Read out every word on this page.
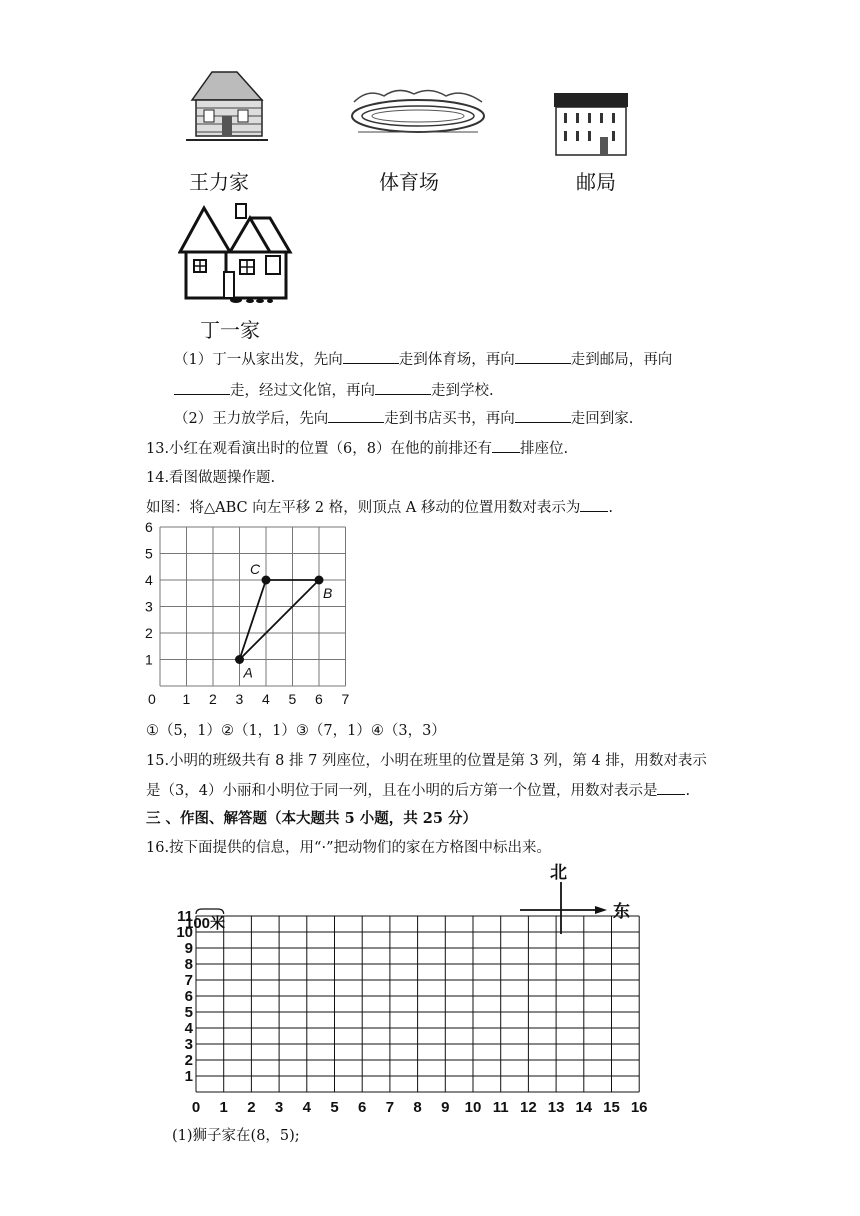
王力家	体育场	邮局
丁一家
（1）丁一从家出发，先向	走到体育场，再向	走到邮局，再向
走，经过文化馆，再向	走到学校.
（2）王力放学后，先向	走到书店买书，再向	走回到家.
13.小红在观看演出时的位置（6，8）在他的前排还有 排座位.
14.看图做题操作题.
如图：将△ABC 向左平移 2 格，则顶点 A 移动的位置用数对表示为 .
0 1 2 3 4 5 6 7
1
2
3
4
5
6
A
B
C
①（5，1）②（1，1）③（7，1）④（3，3）
15.小明的班级共有 8 排 7 列座位，小明在班里的位置是第 3 列，第 4 排，用数对表示
是（3，4）小丽和小明位于同一列，且在小明的后方第一个位置，用数对表示是 .
三 、作图、解答题（本大题共 5 小题，共 25 分）
16.按下面提供的信息，用“·”把动物们的家在方格图中标出来。
北
东
100米
0 1 2 3 4 5 6 7 8 9 10 11 12 13 14 15 16
1
2
3
4
5
6
7
8
9
10
11
(1)狮子家在(8，5);
